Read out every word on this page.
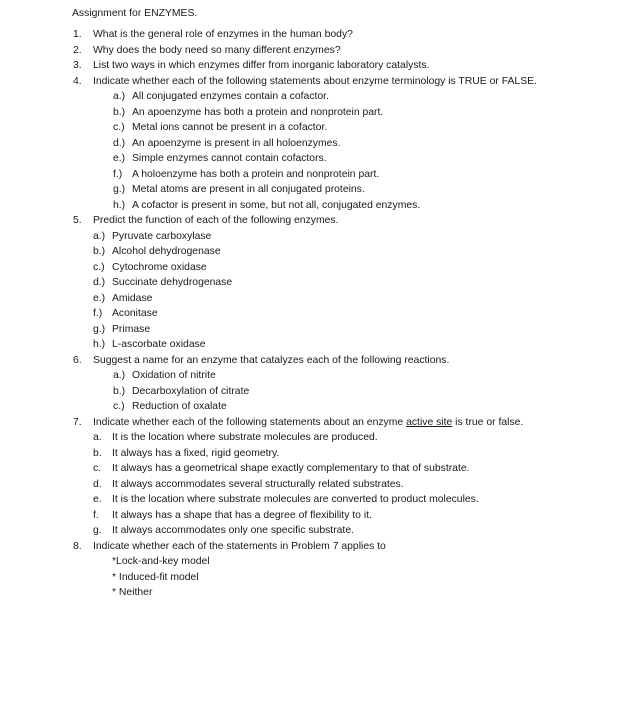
Assignment for ENZYMES.
1. What is the general role of enzymes in the human body?
2. Why does the body need so many different enzymes?
3. List two ways in which enzymes differ from inorganic laboratory catalysts.
4. Indicate whether each of the following statements about enzyme terminology is TRUE or FALSE.
a.) All conjugated enzymes contain a cofactor.
b.) An apoenzyme has both a protein and nonprotein part.
c.) Metal ions cannot be present in a cofactor.
d.) An apoenzyme is present in all holoenzymes.
e.) Simple enzymes cannot contain cofactors.
f.) A holoenzyme has both a protein and nonprotein part.
g.) Metal atoms are present in all conjugated proteins.
h.) A cofactor is present in some, but not all, conjugated enzymes.
5. Predict the function of each of the following enzymes.
a.) Pyruvate carboxylase
b.) Alcohol dehydrogenase
c.) Cytochrome oxidase
d.) Succinate dehydrogenase
e.) Amidase
f.) Aconitase
g.) Primase
h.) L-ascorbate oxidase
6. Suggest a name for an enzyme that catalyzes each of the following reactions.
a.) Oxidation of nitrite
b.) Decarboxylation of citrate
c.) Reduction of oxalate
7. Indicate whether each of the following statements about an enzyme active site is true or false.
a. It is the location where substrate molecules are produced.
b. It always has a fixed, rigid geometry.
c. It always has a geometrical shape exactly complementary to that of substrate.
d. It always accommodates several structurally related substrates.
e. It is the location where substrate molecules are converted to product molecules.
f. It always has a shape that has a degree of flexibility to it.
g. It always accommodates only one specific substrate.
8. Indicate whether each of the statements in Problem 7 applies to
*Lock-and-key model
* Induced-fit model
* Neither
